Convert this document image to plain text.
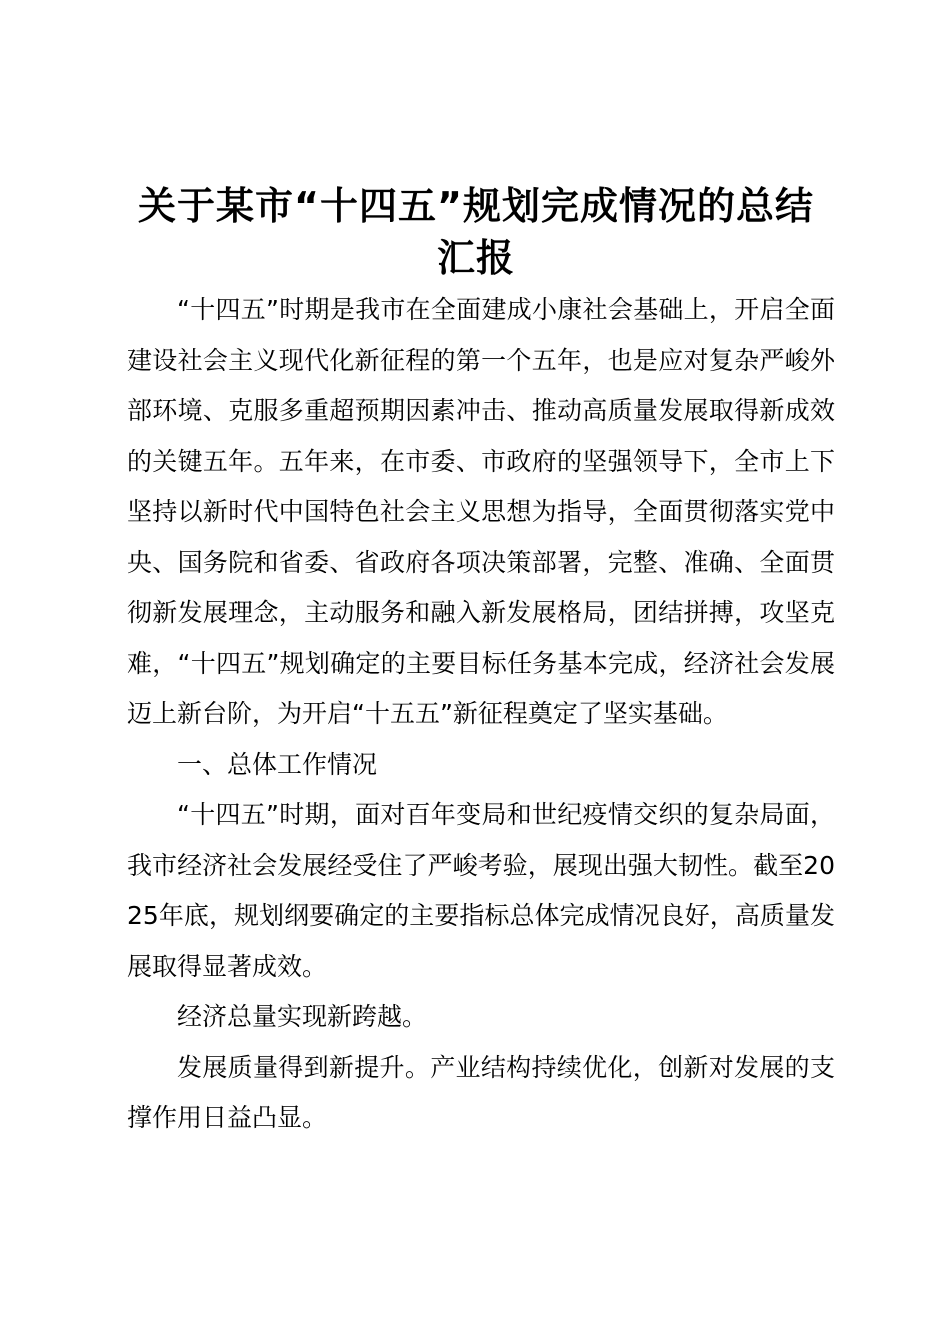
关于某市“十四五”规划完成情况的总结汇报

“十四五”时期是我市在全面建成小康社会基础上，开启全面建设社会主义现代化新征程的第一个五年，也是应对复杂严峻外部环境、克服多重超预期因素冲击、推动高质量发展取得新成效的关键五年。五年来，在市委、市政府的坚强领导下，全市上下坚持以新时代中国特色社会主义思想为指导，全面贯彻落实党中央、国务院和省委、省政府各项决策部署，完整、准确、全面贯彻新发展理念，主动服务和融入新发展格局，团结拼搏，攻坚克难，“十四五”规划确定的主要目标任务基本完成，经济社会发展迈上新台阶，为开启“十五五”新征程奠定了坚实基础。

一、总体工作情况

“十四五”时期，面对百年变局和世纪疫情交织的复杂局面，我市经济社会发展经受住了严峻考验，展现出强大韧性。截至2025年底，规划纲要确定的主要指标总体完成情况良好，高质量发展取得显著成效。

经济总量实现新跨越。

发展质量得到新提升。产业结构持续优化，创新对发展的支撑作用日益凸显。
